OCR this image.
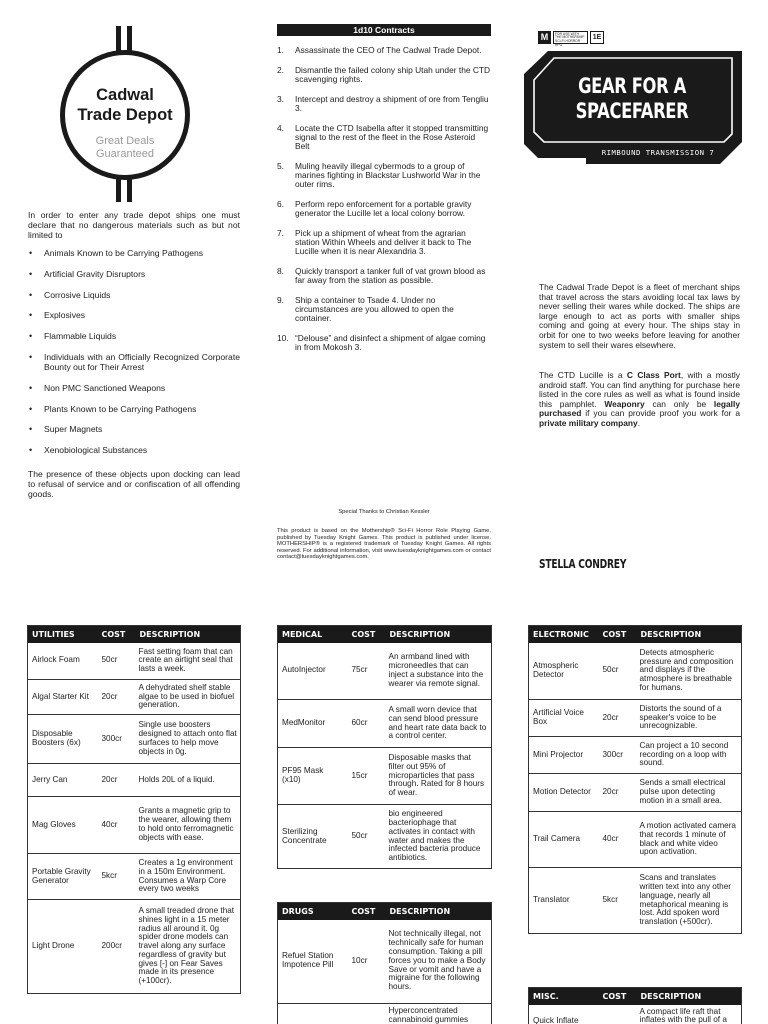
Cadwal
Trade Depot
Great Deals
Guaranteed

In order to enter any trade depot ships one must declare that no dangerous materials such as but not limited to

• Animals Known to be Carrying Pathogens
• Artificial Gravity Disruptors
• Corrosive Liquids
• Explosives
• Flammable Liquids
• Individuals with an Officially Recognized Corporate Bounty out for Their Arrest
• Non PMC Sanctioned Weapons
• Plants Known to be Carrying Pathogens
• Super Magnets
• Xenobiological Substances

The presence of these objects upon docking can lead to refusal of service and or confiscation of all offending goods.

1d10 Contracts
1. Assassinate the CEO of The Cadwal Trade Depot.
2. Dismantle the failed colony ship Utah under the CTD scavenging rights.
3. Intercept and destroy a shipment of ore from Tengliu 3.
4. Locate the CTD Isabella after it stopped transmitting signal to the rest of the fleet in the Rose Asteroid Belt
5. Muling heavily illegal cybermods to a group of marines fighting in Blackstar Lushworld War in the outer rims.
6. Perform repo enforcement for a portable gravity generator the Lucille let a local colony borrow.
7. Pick up a shipment of wheat from the agrarian station Within Wheels and deliver it back to The Lucille when it is near Alexandria 3.
8. Quickly transport a tanker full of vat grown blood as far away from the station as possible.
9. Ship a container to Tsade 4. Under no circumstances are you allowed to open the container.
10. “Delouse” and disinfect a shipment of algae coming in from Mokosh 3.
Special Thanks to Christian Kessler

This product is based on the Mothership® Sci-Fi Horror Role Playing Game, published by Tuesday Knight Games. This product is published under license. MOTHERSHIP® is a registered trademark of Tuesday Knight Games. All rights reserved. For additional information, visit www.tuesdayknightgames.com or contact contact@tuesdayknightgames.com.

M	FOR USE WITH THE MOTHERSHIP SCI-FI HORROR RPG
1E
GEAR FOR A
SPACEFARER
RIMBOUND TRANSMISSION 7

The Cadwal Trade Depot is a fleet of merchant ships that travel across the stars avoiding local tax laws by never selling their wares while docked. The ships are large enough to act as ports with smaller ships coming and going at every hour. The ships stay in orbit for one to two weeks before leaving for another system to sell their wares elsewhere.

The CTD Lucille is a C Class Port, with a mostly android staff. You can find anything for purchase here listed in the core rules as well as what is found inside this pamphlet. Weaponry can only be legally purchased if you can provide proof you work for a private military company.

STELLA CONDREY
UTILITIES	COST	DESCRIPTION
Airlock Foam	50cr	Fast setting foam that can create an airtight seal that lasts a week.
Algal Starter Kit	20cr	A dehydrated shelf stable algae to be used in biofuel generation.
Disposable Boosters (6x)	300cr	Single use boosters designed to attach onto flat surfaces to help move objects in 0g.
Jerry Can	20cr	Holds 20L of a liquid.
Mag Gloves	40cr	Grants a magnetic grip to the wearer, allowing them to hold onto ferromagnetic objects with ease.
Portable Gravity Generator	5kcr	Creates a 1g environment in a 150m Environment. Consumes a Warp Core every two weeks
Light Drone	200cr	A small treaded drone that shines light in a 15 meter radius all around it. 0g spider drone models can travel along any surface regardless of gravity but gives [-] on Fear Saves made in its presence (+100cr).
MEDICAL	COST	DESCRIPTION
AutoInjector	75cr	An armband lined with microneedles that can inject a substance into the wearer via remote signal.
MedMonitor	60cr	A small worn device that can send blood pressure and heart rate data back to a control center.
PF95 Mask (x10)	15cr	Disposable masks that filter out 95% of microparticles that pass through. Rated for 8 hours of wear.
Sterilizing Concentrate	50cr	bio engineered bacteriophage that activates in contact with water and makes the infected bacteria produce antibiotics.
DRUGS	COST	DESCRIPTION
Refuel Station Impotence Pill	10cr	Not technically illegal, not technically safe for human consumption. Taking a pill forces you to make a Body Save or vomit and have a migraine for the following hours.
		Hyperconcentrated cannabinoid gummies
ELECTRONIC	COST	DESCRIPTION
Atmospheric Detector	50cr	Detects atmospheric pressure and composition and displays if the atmosphere is breathable for humans.
Artificial Voice Box	20cr	Distorts the sound of a speaker's voice to be unrecognizable.
Mini Projector	300cr	Can project a 10 second recording on a loop with sound.
Motion Detector	20cr	Sends a small electrical pulse upon detecting motion in a small area.
Trail Camera	40cr	A motion activated camera that records 1 minute of black and white video upon activation.
Translator	5kcr	Scans and translates written text into any other language, nearly all metaphorical meaning is lost. Add spoken word translation (+500cr).
MISC.	COST	DESCRIPTION
Quick Inflate		A compact life raft that inflates with the pull of a
